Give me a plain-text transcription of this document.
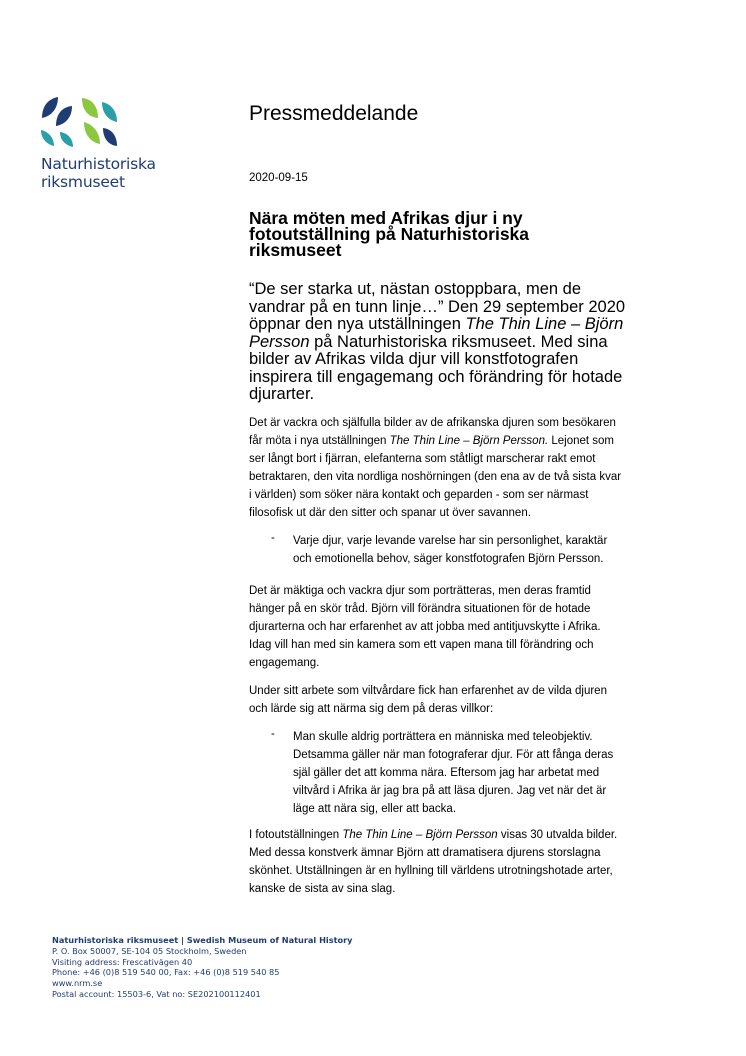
Naturhistoriska
riksmuseet
Pressmeddelande
2020-09-15
Nära möten med Afrikas djur i ny
fotoutställning på Naturhistoriska
riksmuseet

“De ser starka ut, nästan ostoppbara, men de
vandrar på en tunn linje…” Den 29 september 2020
öppnar den nya utställningen The Thin Line – Björn
Persson på Naturhistoriska riksmuseet. Med sina
bilder av Afrikas vilda djur vill konstfotografen
inspirera till engagemang och förändring för hotade
djurarter.

Det är vackra och själfulla bilder av de afrikanska djuren som besökaren
får möta i nya utställningen The Thin Line – Björn Persson. Lejonet som
ser långt bort i fjärran, elefanterna som ståtligt marscherar rakt emot
betraktaren, den vita nordliga noshörningen (den ena av de två sista kvar
i världen) som söker nära kontakt och geparden - som ser närmast
filosofisk ut där den sitter och spanar ut över savannen.

- Varje djur, varje levande varelse har sin personlighet, karaktär
och emotionella behov, säger konstfotografen Björn Persson.

Det är mäktiga och vackra djur som porträtteras, men deras framtid
hänger på en skör tråd. Björn vill förändra situationen för de hotade
djurarterna och har erfarenhet av att jobba med antitjuvskytte i Afrika.
Idag vill han med sin kamera som ett vapen mana till förändring och
engagemang.

Under sitt arbete som viltvårdare fick han erfarenhet av de vilda djuren
och lärde sig att närma sig dem på deras villkor:

- Man skulle aldrig porträttera en människa med teleobjektiv.
Detsamma gäller när man fotograferar djur. För att fånga deras
själ gäller det att komma nära. Eftersom jag har arbetat med
viltvård i Afrika är jag bra på att läsa djuren. Jag vet när det är
läge att nära sig, eller att backa.

I fotoutställningen The Thin Line – Björn Persson visas 30 utvalda bilder.
Med dessa konstverk ämnar Björn att dramatisera djurens storslagna
skönhet. Utställningen är en hyllning till världens utrotningshotade arter,
kanske de sista av sina slag.

Naturhistoriska riksmuseet | Swedish Museum of Natural History
P. O. Box 50007, SE-104 05 Stockholm, Sweden
Visiting address: Frescativägen 40
Phone: +46 (0)8 519 540 00, Fax: +46 (0)8 519 540 85
www.nrm.se
Postal account: 15503-6, Vat no: SE202100112401
